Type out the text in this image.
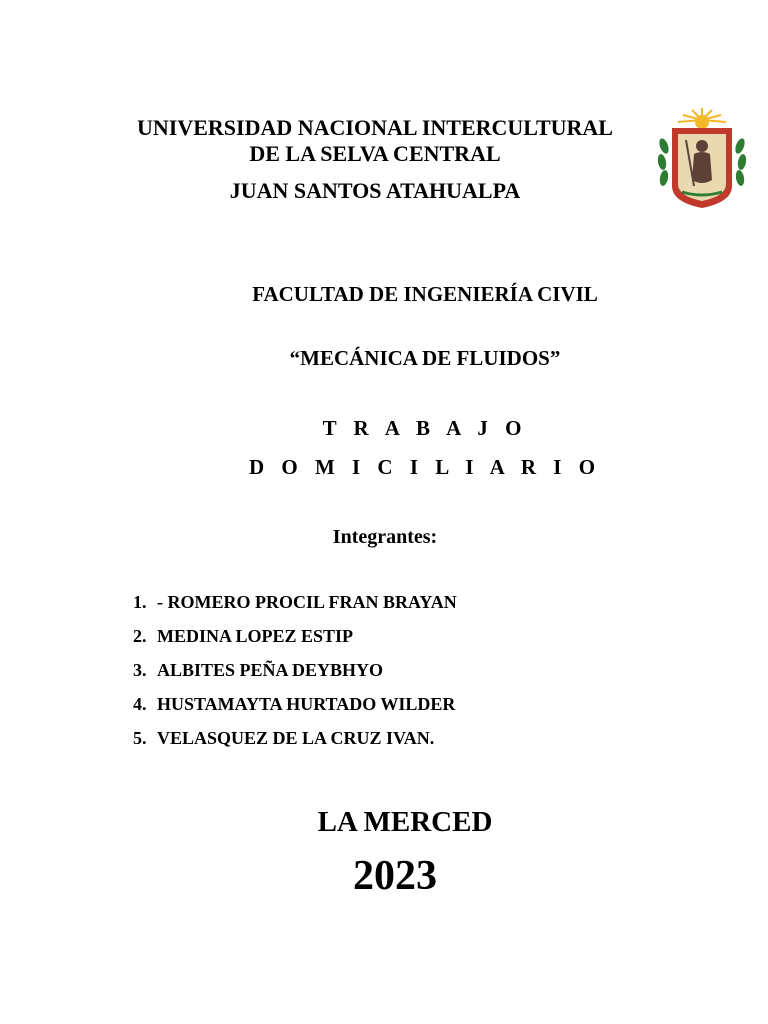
UNIVERSIDAD NACIONAL INTERCULTURAL
DE LA SELVA CENTRAL
JUAN SANTOS ATAHUALPA
FACULTAD DE INGENIERÍA CIVIL
“MECÁNICA DE FLUIDOS”
T R A B A J O
D O M I C I L I A R I O
Integrantes:
1. - ROMERO PROCIL FRAN BRAYAN
2. MEDINA LOPEZ ESTIP
3. ALBITES PEÑA DEYBHYO
4. HUSTAMAYTA HURTADO WILDER
5. VELASQUEZ DE LA CRUZ IVAN.
LA MERCED
2023
